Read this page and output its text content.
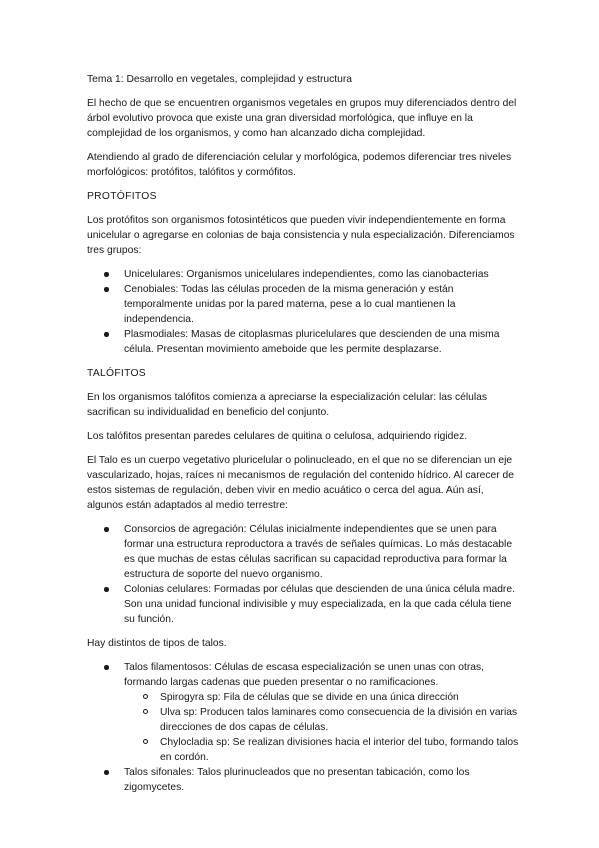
Tema 1: Desarrollo en vegetales, complejidad y estructura

El hecho de que se encuentren organismos vegetales en grupos muy diferenciados dentro del árbol evolutivo provoca que existe una gran diversidad morfológica, que influye en la complejidad de los organismos, y como han alcanzado dicha complejidad.

Atendiendo al grado de diferenciación celular y morfológica, podemos diferenciar tres niveles morfológicos: protófitos, talófitos y cormófitos.

PROTÓFITOS

Los protófitos son organismos fotosintéticos que pueden vivir independientemente en forma unicelular o agregarse en colonias de baja consistencia y nula especialización. Diferenciamos tres grupos:

Unicelulares: Organismos unicelulares independientes, como las cianobacterias
Cenobiales: Todas las células proceden de la misma generación y están temporalmente unidas por la pared materna, pese a lo cual mantienen la independencia.
Plasmodiales: Masas de citoplasmas pluricelulares que descienden de una misma célula. Presentan movimiento ameboide que les permite desplazarse.

TALÓFITOS

En los organismos talófitos comienza a apreciarse la especialización celular: las células sacrifican su individualidad en beneficio del conjunto.

Los talófitos presentan paredes celulares de quitina o celulosa, adquiriendo rigidez.

El Talo es un cuerpo vegetativo pluricelular o polinucleado, en el que no se diferencian un eje vascularizado, hojas, raíces ni mecanismos de regulación del contenido hídrico. Al carecer de estos sistemas de regulación, deben vivir en medio acuático o cerca del agua. Aún así, algunos están adaptados al medio terrestre:

Consorcios de agregación: Células inicialmente independientes que se unen para formar una estructura reproductora a través de señales químicas. Lo más destacable es que muchas de estas células sacrifican su capacidad reproductiva para formar la estructura de soporte del nuevo organismo.
Colonias celulares: Formadas por células que descienden de una única célula madre. Son una unidad funcional indivisible y muy especializada, en la que cada célula tiene su función.

Hay distintos de tipos de talos.

Talos filamentosos: Células de escasa especialización se unen unas con otras, formando largas cadenas que pueden presentar o no ramificaciones.
Spirogyra sp: Fila de células que se divide en una única dirección
Ulva sp: Producen talos laminares como consecuencia de la división en varias direcciones de dos capas de células.
Chylocladia sp: Se realizan divisiones hacia el interior del tubo, formando talos en cordón.
Talos sifonales: Talos plurinucleados que no presentan tabicación, como los zigomycetes.
